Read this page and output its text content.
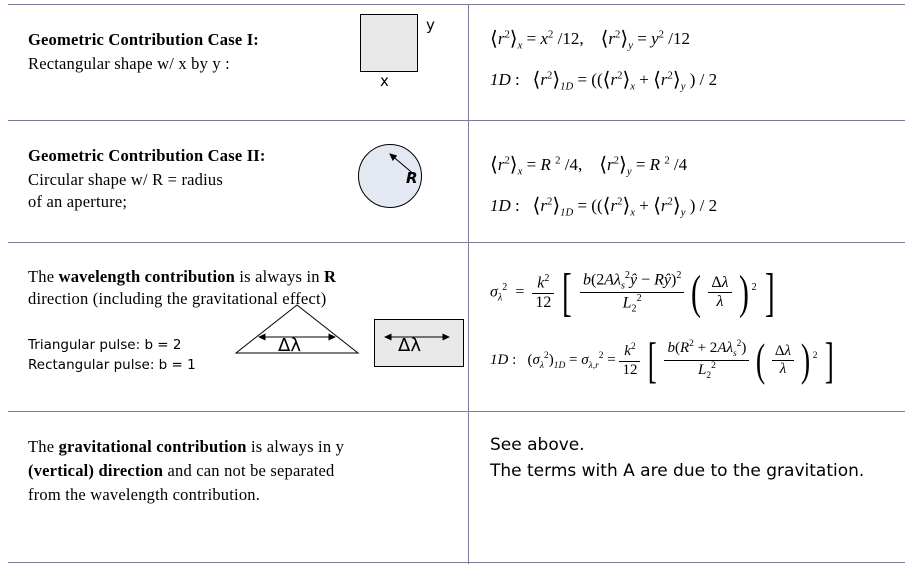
Geometric Contribution Case I:
Rectangular shape w/ x by y :
y
x
$⟨r^2⟩_x = x^2$ /12, $⟨r^2⟩_y = y^2$ /12
1D : $⟨r^2⟩_{1D}$ = (($⟨r^2⟩_x$ + $⟨r^2⟩_y$ ) / 2
Geometric Contribution Case II:
Circular shape w/ R = radius
of an aperture;
R
$⟨r^2⟩_x = R$ $^2$ /4, $⟨r^2⟩_y = R$ $^2$ /4
1D : $⟨r^2⟩_{1D}$ = (($⟨r^2⟩_x$ + $⟨r^2⟩_y$ ) / 2
The wavelength contribution is always in R
direction (including the gravitational effect)
Triangular pulse: b = 2
Rectangular pulse: b = 1
Δλ	Δλ
$\sigma_\lambda^2 = \frac{k^2}{12}$ [ $\frac{b(2A\lambda_s^2ŷ - Rŷ)^2}{L_2^2}$ ( $\frac{\Delta\lambda}{\lambda}$ ) $^2$ ]
1D : $(\sigma_\lambda^2)_{1D} = \sigma_{\lambda,r}^2 = \frac{k^2}{12}$ [ $\frac{b(R^2 + 2A\lambda_s^2)}{L_2^2}$ ( $\frac{\Delta\lambda}{\lambda}$ ) $^2$ ]
The gravitational contribution is always in y
(vertical) direction and can not be separated
from the wavelength contribution.
See above.
The terms with A are due to the gravitation.
